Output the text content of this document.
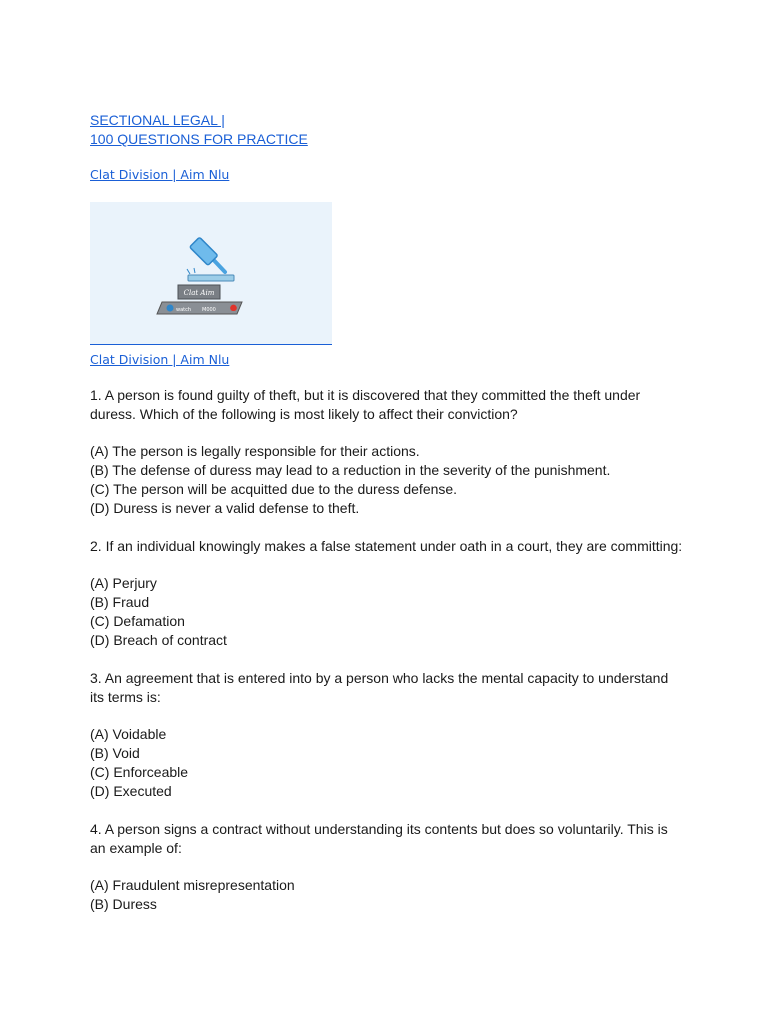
SECTIONAL LEGAL |
100 QUESTIONS FOR PRACTICE
Clat Division | Aim Nlu
Clat Aim
watch M000
Clat Division | Aim Nlu

1. A person is found guilty of theft, but it is discovered that they committed the theft under

duress. Which of the following is most likely to affect their conviction?

(A) The person is legally responsible for their actions.

(B) The defense of duress may lead to a reduction in the severity of the punishment.

(C) The person will be acquitted due to the duress defense.

(D) Duress is never a valid defense to theft.

2. If an individual knowingly makes a false statement under oath in a court, they are committing:

(A) Perjury

(B) Fraud

(C) Defamation

(D) Breach of contract

3. An agreement that is entered into by a person who lacks the mental capacity to understand

its terms is:

(A) Voidable

(B) Void

(C) Enforceable

(D) Executed

4. A person signs a contract without understanding its contents but does so voluntarily. This is

an example of:

(A) Fraudulent misrepresentation

(B) Duress
